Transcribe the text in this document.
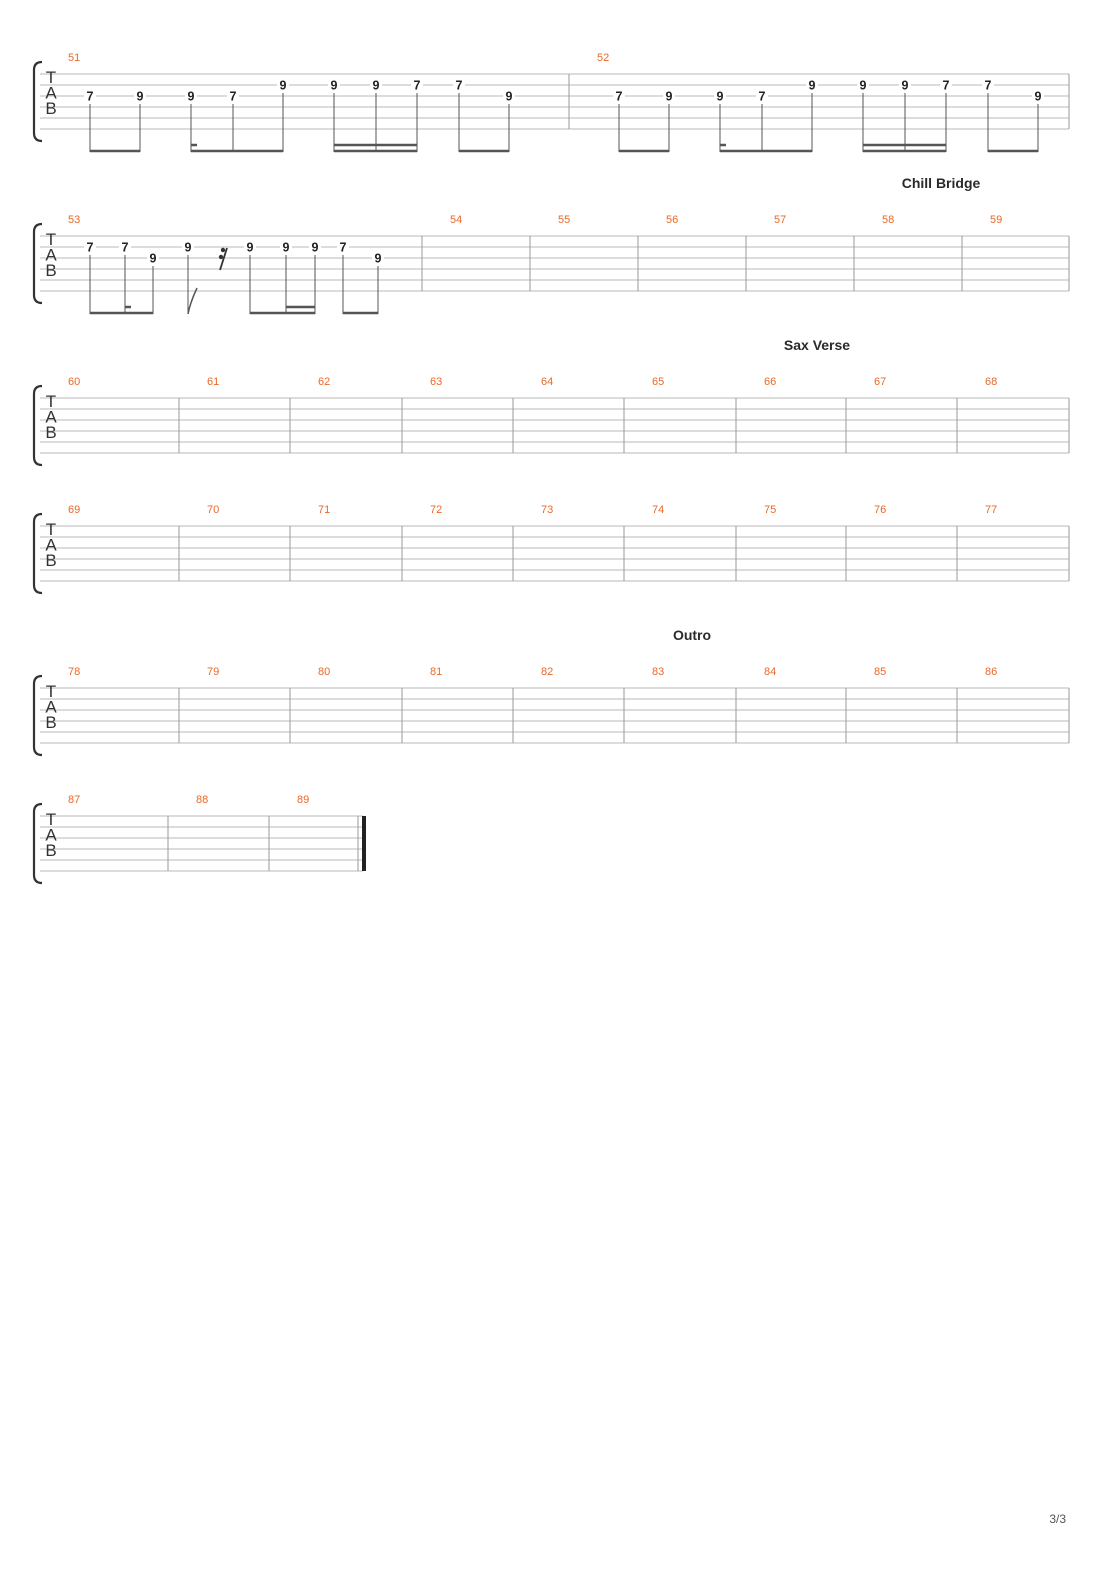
T
A
B
51
7	9	9	7
9	9	9	7	7
9
52
7	9	9	7
9	9	9	7	7
9
T
A
B
Chill Bridge
53
7 7
9
9	9 9 9 7
9
54	55	56	57	58	59
T
A
B
Sax Verse
60	61	62	63	64	65	66	67	68
T
A
B
69	70	71	72	73	74	75	76	77
T
A
B
Outro
78	79	80	81	82	83	84	85	86
T
A
B
87	88	89
3/3
